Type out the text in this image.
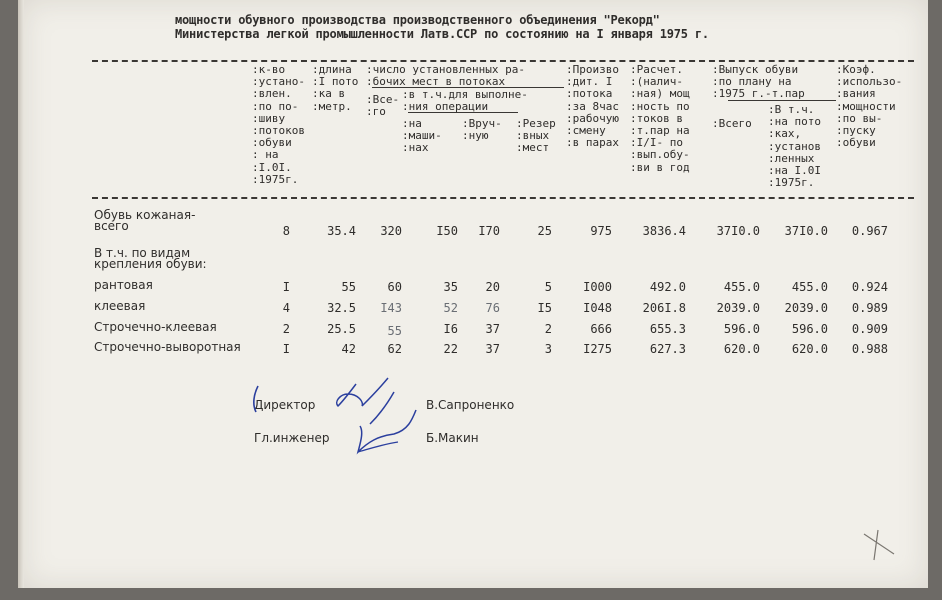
мощности обувного производства производственного объединения "Рекорд"
Министерства легкой промышленности Латв.ССР по состоянию на I января 1975 г.
:к-во
:устано-
:влен.
:по по-
:шиву
:потоков
:обуви
: на
:I.0I.
:1975г.
:длина
:I пото
:ка в
:метр.
:число установленных ра-
:бочих мест в потоках
:Все-
:го
:в т.ч.для выполне-
:ния операции
:на
:маши-
:нах
:Вруч-
:ную
:Резер
:вных
:мест
:Произво
:дит. I
:потока
:за 8час
:рабочую
:смену
:в парах
:Расчет.
:(налич-
:ная) мощ
:ность по
:токов в
:т.пар на
:I/I- по
:вып.обу-
:ви в год
:Выпуск обуви
:по плану на
:1975 г.-т.пар
:Всего
:В т.ч.
:на пото
:ках,
:установ
:ленных
:на I.0I
:1975г.
:Коэф.
:использо-
:вания
:мощности
:по вы-
:пуску
:обуви
Обувь кожаная-
всего	8	35.4 320	I50 I70	25	975	3836.4	37I0.0 37I0.0 0.967
В т.ч. по видам
крепления обуви:
рантовая	I	55	60	35 20	5	I000	492.0	455.0	455.0 0.924
клеевая	4	32.5 I43	52 76	I5	I048	206I.8	2039.0 2039.0 0.989
Строчечно-клеевая	2	25.5	55	I6 37	2	666	655.3	596.0	596.0 0.909
Строчечно-выворотная	I	42	62	22 37	3	I275	627.3	620.0	620.0 0.988
Директор	В.Сапроненко
Гл.инженер	Б.Макин
